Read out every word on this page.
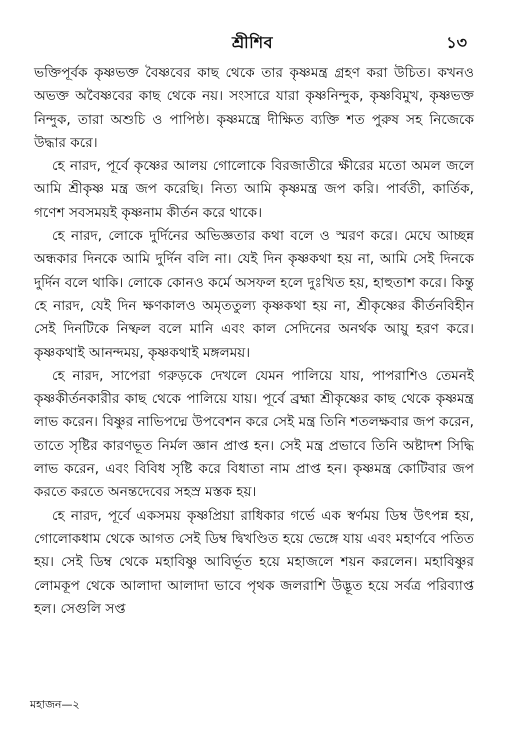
শ্রীশিব	১৩

ভক্তিপূর্বক কৃষ্ণভক্ত বৈষ্ণবের কাছ থেকে তার কৃষ্ণমন্ত্র গ্রহণ করা উচিত। কখনও অভক্ত অবৈষ্ণবের কাছ থেকে নয়। সংসারে যারা কৃষ্ণনিন্দুক, কৃষ্ণবিমুখ, কৃষ্ণভক্ত নিন্দুক, তারা অশুচি ও পাপিষ্ঠ। কৃষ্ণমন্ত্রে দীক্ষিত ব্যক্তি শত পুরুষ সহ নিজেকে উদ্ধার করে।

হে নারদ, পূর্বে কৃষ্ণের আলয় গোলোকে বিরজাতীরে ক্ষীরের মতো অমল জলে আমি শ্রীকৃষ্ণ মন্ত্র জপ করেছি। নিত্য আমি কৃষ্ণমন্ত্র জপ করি। পার্বতী, কার্তিক, গণেশ সবসময়ই কৃষ্ণনাম কীর্তন করে থাকে।

হে নারদ, লোকে দুর্দিনের অভিজ্ঞতার কথা বলে ও স্মরণ করে। মেঘে আচ্ছন্ন অন্ধকার দিনকে আমি দুর্দিন বলি না। যেই দিন কৃষ্ণকথা হয় না, আমি সেই দিনকে দুর্দিন বলে থাকি। লোকে কোনও কর্মে অসফল হলে দুঃখিত হয়, হাহুতাশ করে। কিন্তু হে নারদ, যেই দিন ক্ষণকালও অমৃততুল্য কৃষ্ণকথা হয় না, শ্রীকৃষ্ণের কীর্তনবিহীন সেই দিনটিকে নিষ্ফল বলে মানি এবং কাল সেদিনের অনর্থক আয়ু হরণ করে। কৃষ্ণকথাই আনন্দময়, কৃষ্ণকথাই মঙ্গলময়।

হে নারদ, সাপেরা গরুড়কে দেখলে যেমন পালিয়ে যায়, পাপরাশিও তেমনই কৃষ্ণকীর্তনকারীর কাছ থেকে পালিয়ে যায়। পূর্বে ব্রহ্মা শ্রীকৃষ্ণের কাছ থেকে কৃষ্ণমন্ত্র লাভ করেন। বিষ্ণুর নাভিপদ্মে উপবেশন করে সেই মন্ত্র তিনি শতলক্ষবার জপ করেন, তাতে সৃষ্টির কারণভূত নির্মল জ্ঞান প্রাপ্ত হন। সেই মন্ত্র প্রভাবে তিনি অষ্টাদশ সিদ্ধি লাভ করেন, এবং বিবিধ সৃষ্টি করে বিধাতা নাম প্রাপ্ত হন। কৃষ্ণমন্ত্র কোটিবার জপ করতে করতে অনন্তদেবের সহস্র মস্তক হয়।

হে নারদ, পূর্বে একসময় কৃষ্ণপ্রিয়া রাধিকার গর্ভে এক স্বর্ণময় ডিম্ব উৎপন্ন হয়, গোলোকধাম থেকে আগত সেই ডিম্ব দ্বিখণ্ডিত হয়ে ভেঙ্গে যায় এবং মহার্ণবে পতিত হয়। সেই ডিম্ব থেকে মহাবিষ্ণু আবির্ভূত হয়ে মহাজলে শয়ন করলেন। মহাবিষ্ণুর লোমকূপ থেকে আলাদা আলাদা ভাবে পৃথক জলরাশি উদ্ভূত হয়ে সর্বত্র পরিব্যাপ্ত হল। সেগুলি সপ্ত

মহাজন—২
